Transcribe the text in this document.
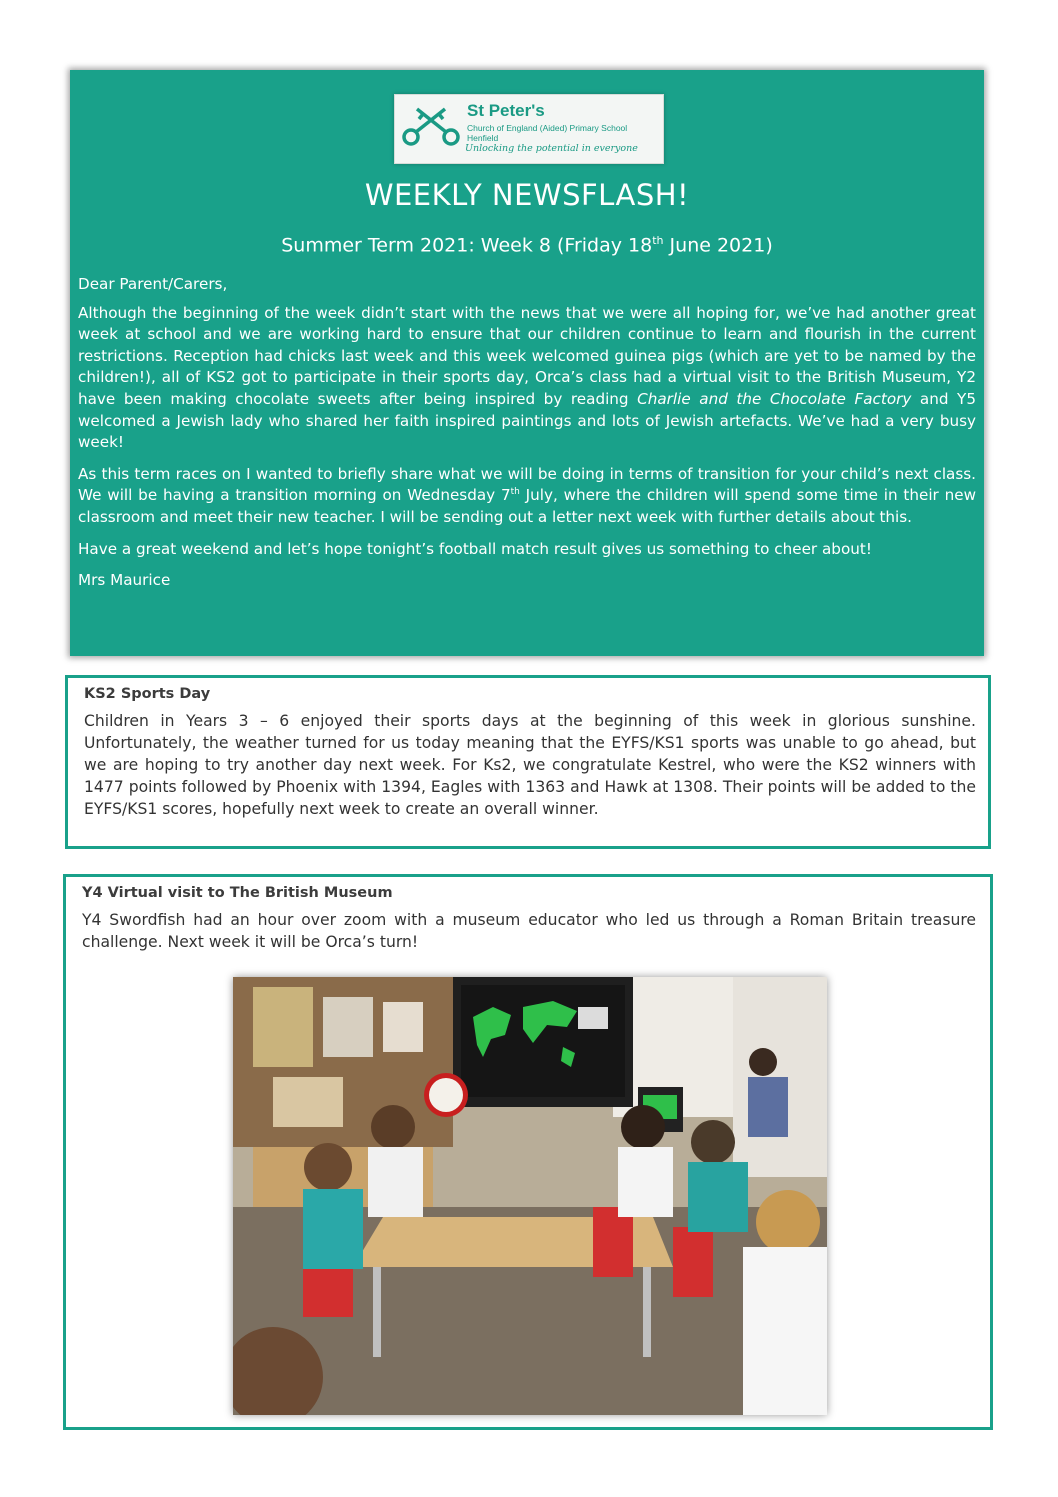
St Peter's
Church of England (Aided) Primary School
Henfield
Unlocking the potential in everyone
WEEKLY NEWSFLASH!
Summer Term 2021: Week 8 (Friday 18th June 2021)

Dear Parent/Carers,

Although the beginning of the week didn’t start with the news that we were all hoping for, we’ve had another great week at school and we are working hard to ensure that our children continue to learn and flourish in the current restrictions. Reception had chicks last week and this week welcomed guinea pigs (which are yet to be named by the children!), all of KS2 got to participate in their sports day, Orca’s class had a virtual visit to the British Museum, Y2 have been making chocolate sweets after being inspired by reading Charlie and the Chocolate Factory and Y5 welcomed a Jewish lady who shared her faith inspired paintings and lots of Jewish artefacts. We’ve had a very busy week!

As this term races on I wanted to briefly share what we will be doing in terms of transition for your child’s next class. We will be having a transition morning on Wednesday 7th July, where the children will spend some time in their new classroom and meet their new teacher. I will be sending out a letter next week with further details about this.

Have a great weekend and let’s hope tonight’s football match result gives us something to cheer about!

Mrs Maurice

KS2 Sports Day
Children in Years 3 – 6 enjoyed their sports days at the beginning of this week in glorious sunshine. Unfortunately, the weather turned for us today meaning that the EYFS/KS1 sports was unable to go ahead, but we are hoping to try another day next week. For Ks2, we congratulate Kestrel, who were the KS2 winners with 1477 points followed by Phoenix with 1394, Eagles with 1363 and Hawk at 1308. Their points will be added to the EYFS/KS1 scores, hopefully next week to create an overall winner.
Y4 Virtual visit to The British Museum
Y4 Swordfish had an hour over zoom with a museum educator who led us through a Roman Britain treasure challenge. Next week it will be Orca’s turn!
